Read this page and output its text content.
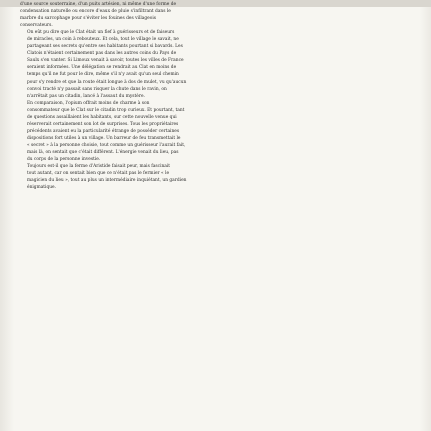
d'une source souterraine, d'un puits artésien, ni même d'une forme de
condensation naturelle ou encore d'eaux de pluie s'infiltrant dans le
marbre du sarcophage pour s'éviter les fouines des villageois
conservateurs.

On eût pu dire que le Clat était un fief à guérisseurs et de faiseurs
de miracles, un coin à rebouteux. Et cela, tout le village le savait, ne
partageant ses secrets qu'entre ses habitants pourtant si bavards. Les
Clatois n'étaient certainement pas dans les autres coins du Pays de
Saulx s'en vanter. Si Limoux venait à savoir, toutes les villes de France
seraient informées. Une délégation se rendrait au Clat en moins de
temps qu'il ne fut pour le dire, même s'il n'y avait qu'un seul chemin
pour s'y rendre et que la route était longue à dos de mulet, vu qu'aucun
convoi tracté n'y passait sans risquer la chute dans le ravin, on
n'arrêtait pas un citadin, lancé à l'assaut du mystère.

En comparaison, l'opium offrait moins de charme à son
consommateur que le Clat sur le citadin trop curieux. Et pourtant, tant
de questions assaillaient les habitants, sur cette nouvelle venue qui
réserverait certainement son lot de surprises. Tous les propriétaires
précédents avaient eu la particularité étrange de posséder certaines
dispositions fort utiles à un village. Un barreur de feu transmettait le
« secret » à la personne choisie, tout comme un guérisseur l'aurait fait,
mais là, on sentait que c'était différent. L'énergie venait du lieu, pas
du corps de la personne investie.

Toujours est-il que la ferme d'Aristide faisait peur, mais fascinait
tout autant, car on sentait bien que ce n'était pas le fermier « le
magicien du lieu », tout au plus un intermédiaire inquiétant, un gardien
énigmatique.
